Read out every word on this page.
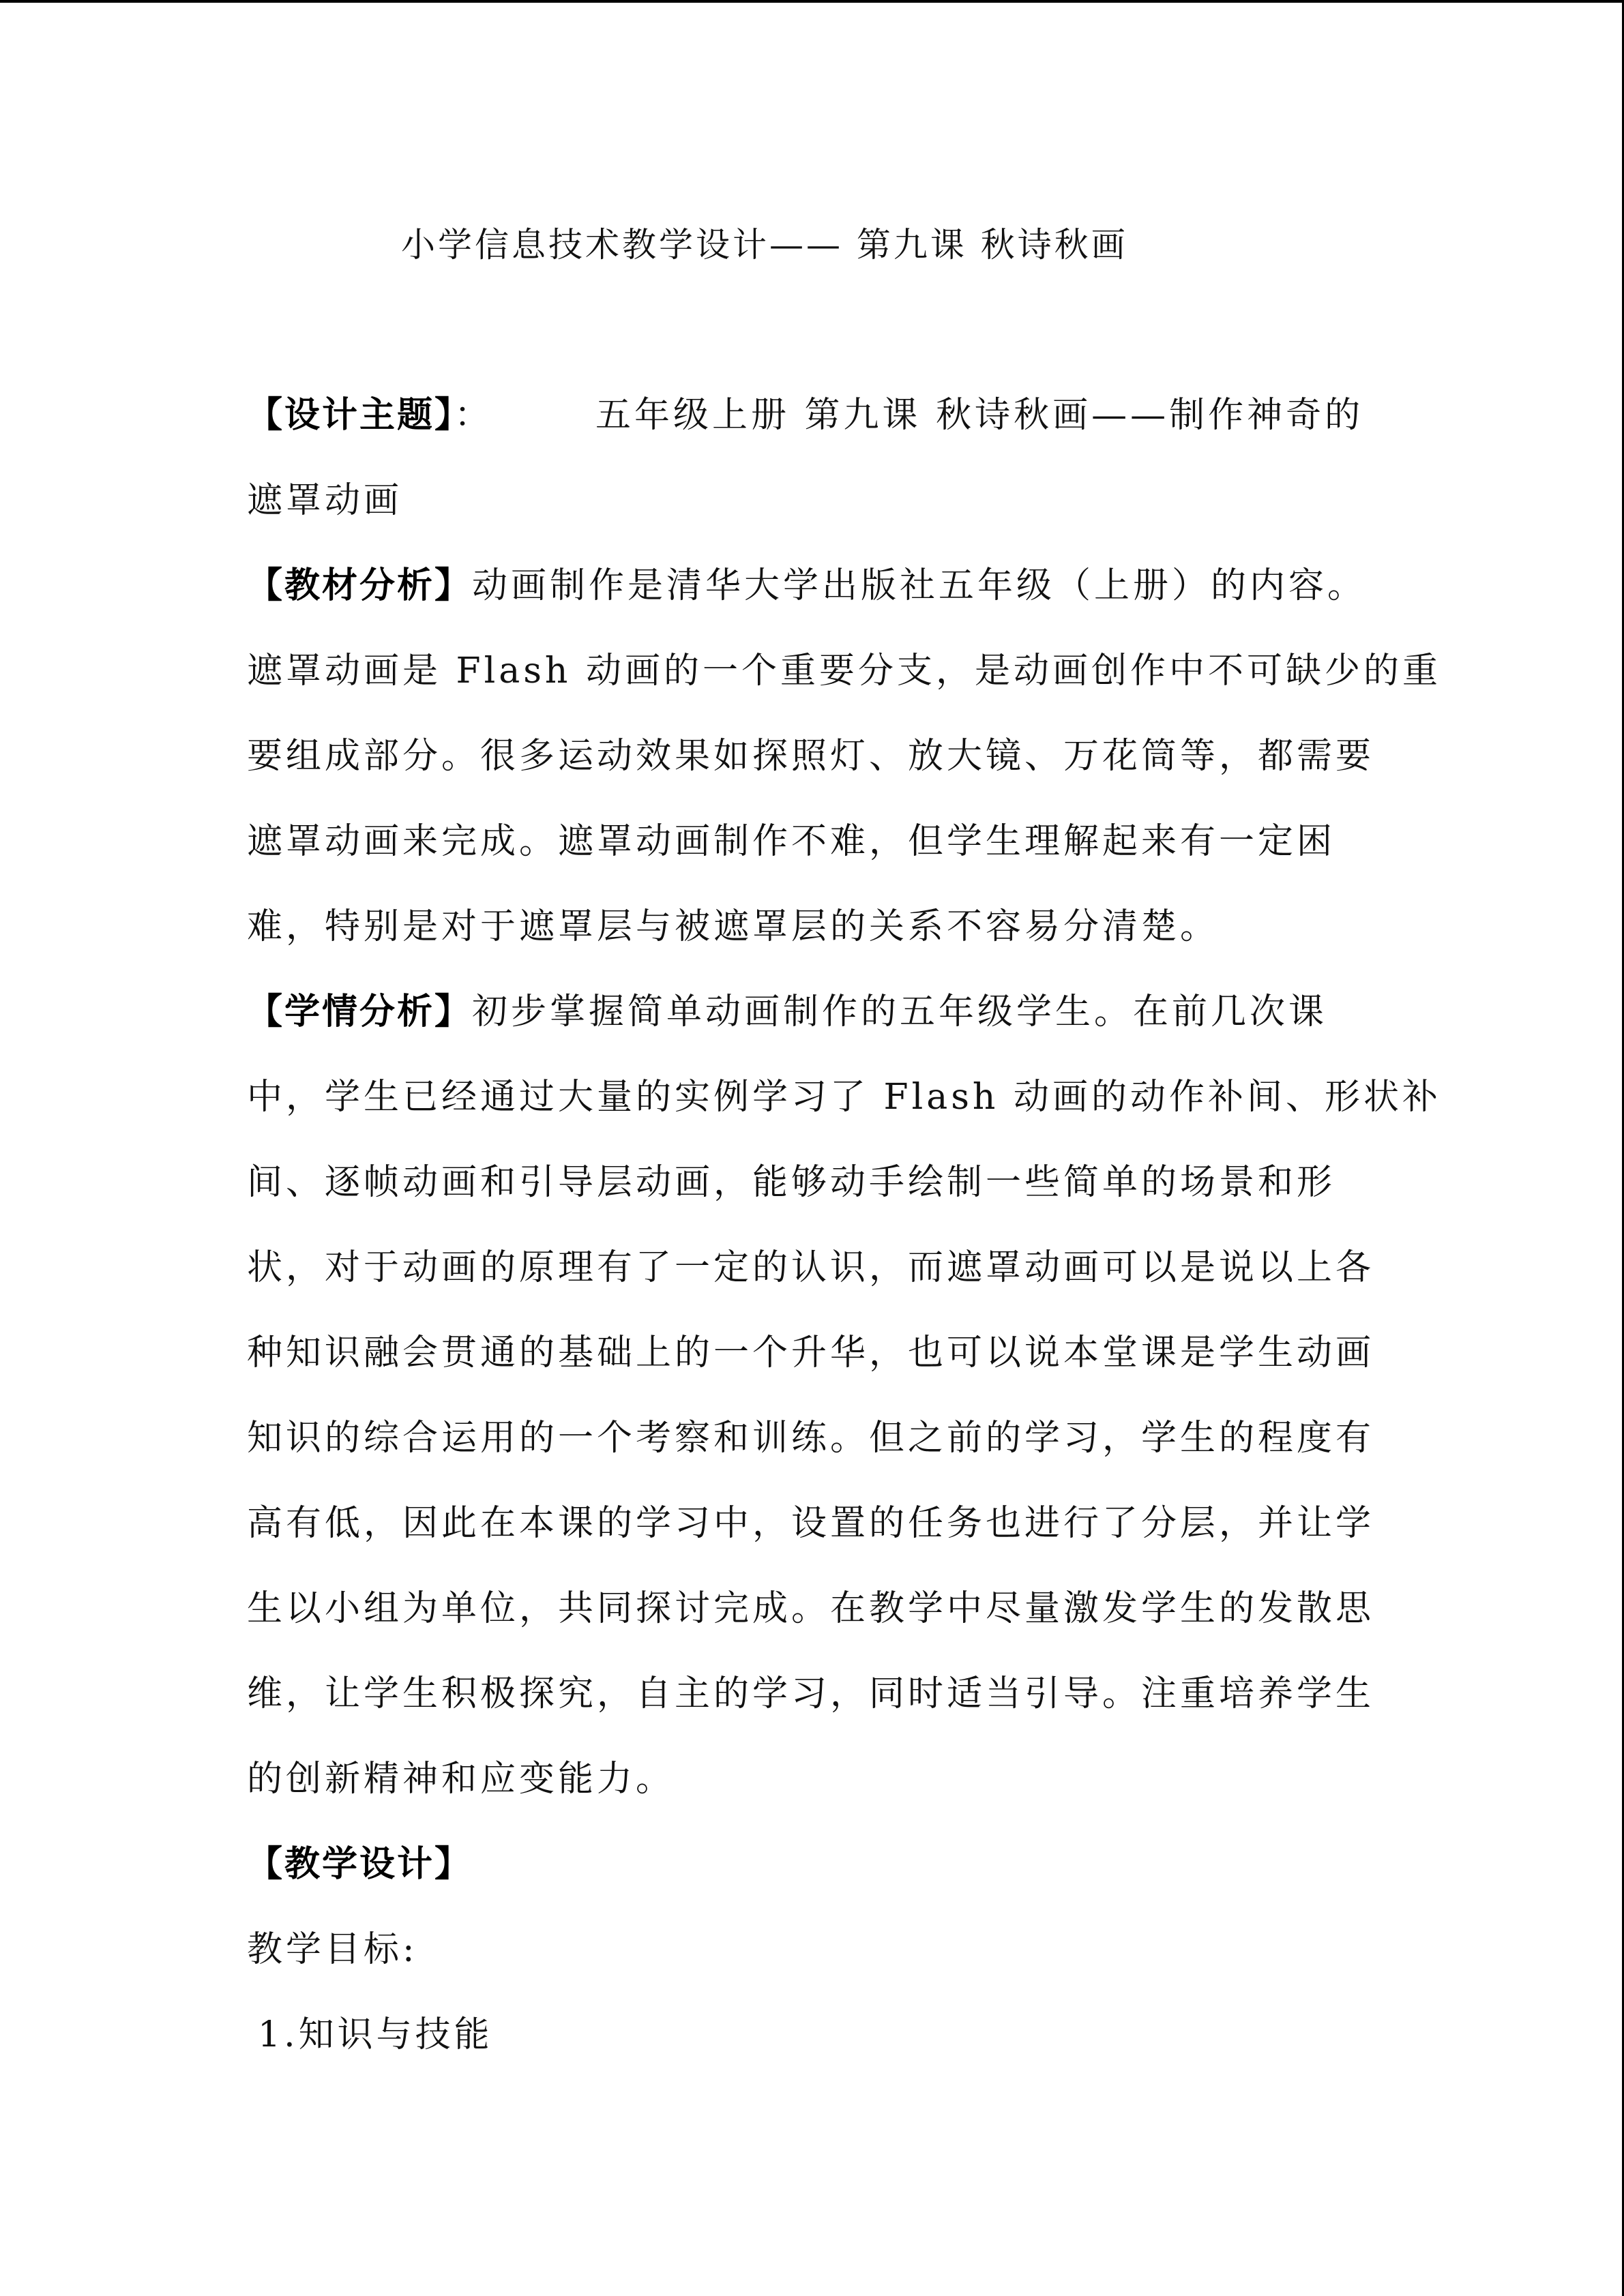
小学信息技术教学设计—— 第九课 秋诗秋画
【设计主题】：	五年级上册 第九课 秋诗秋画——制作神奇的
遮罩动画
【教材分析】动画制作是清华大学出版社五年级（上册）的内容。
遮罩动画是 Flash 动画的一个重要分支，是动画创作中不可缺少的重
要组成部分。很多运动效果如探照灯、放大镜、万花筒等，都需要
遮罩动画来完成。遮罩动画制作不难，但学生理解起来有一定困
难，特别是对于遮罩层与被遮罩层的关系不容易分清楚。
【学情分析】初步掌握简单动画制作的五年级学生。在前几次课
中，学生已经通过大量的实例学习了 Flash 动画的动作补间、形状补
间、逐帧动画和引导层动画，能够动手绘制一些简单的场景和形
状，对于动画的原理有了一定的认识，而遮罩动画可以是说以上各
种知识融会贯通的基础上的一个升华，也可以说本堂课是学生动画
知识的综合运用的一个考察和训练。但之前的学习，学生的程度有
高有低，因此在本课的学习中，设置的任务也进行了分层，并让学
生以小组为单位，共同探讨完成。在教学中尽量激发学生的发散思
维，让学生积极探究，自主的学习，同时适当引导。注重培养学生
的创新精神和应变能力。
【教学设计】
教学目标:
1.知识与技能
